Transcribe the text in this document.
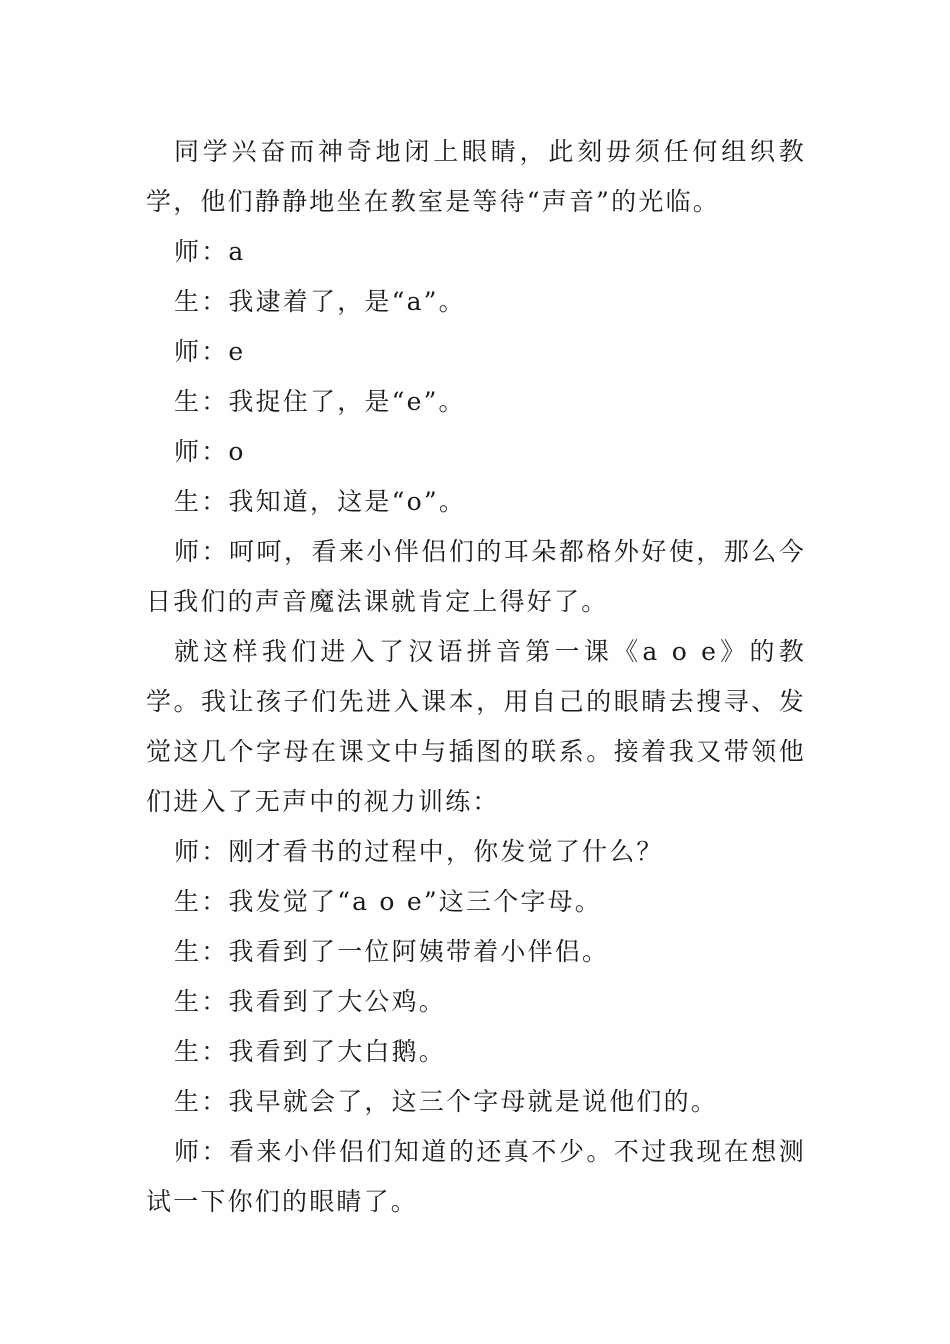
同学兴奋而神奇地闭上眼睛，此刻毋须任何组织教学，他们静静地坐在教室是等待“声音”的光临。

师：a

生：我逮着了，是“a”。

师：e

生：我捉住了，是“e”。

师：o

生：我知道，这是“o”。

师：呵呵，看来小伴侣们的耳朵都格外好使，那么今日我们的声音魔法课就肯定上得好了。

就这样我们进入了汉语拼音第一课《a o e》的教学。我让孩子们先进入课本，用自己的眼睛去搜寻、发觉这几个字母在课文中与插图的联系。接着我又带领他们进入了无声中的视力训练：

师：刚才看书的过程中，你发觉了什么？

生：我发觉了“a o e”这三个字母。

生：我看到了一位阿姨带着小伴侣。

生：我看到了大公鸡。

生：我看到了大白鹅。

生：我早就会了，这三个字母就是说他们的。

师：看来小伴侣们知道的还真不少。不过我现在想测试一下你们的眼睛了。
